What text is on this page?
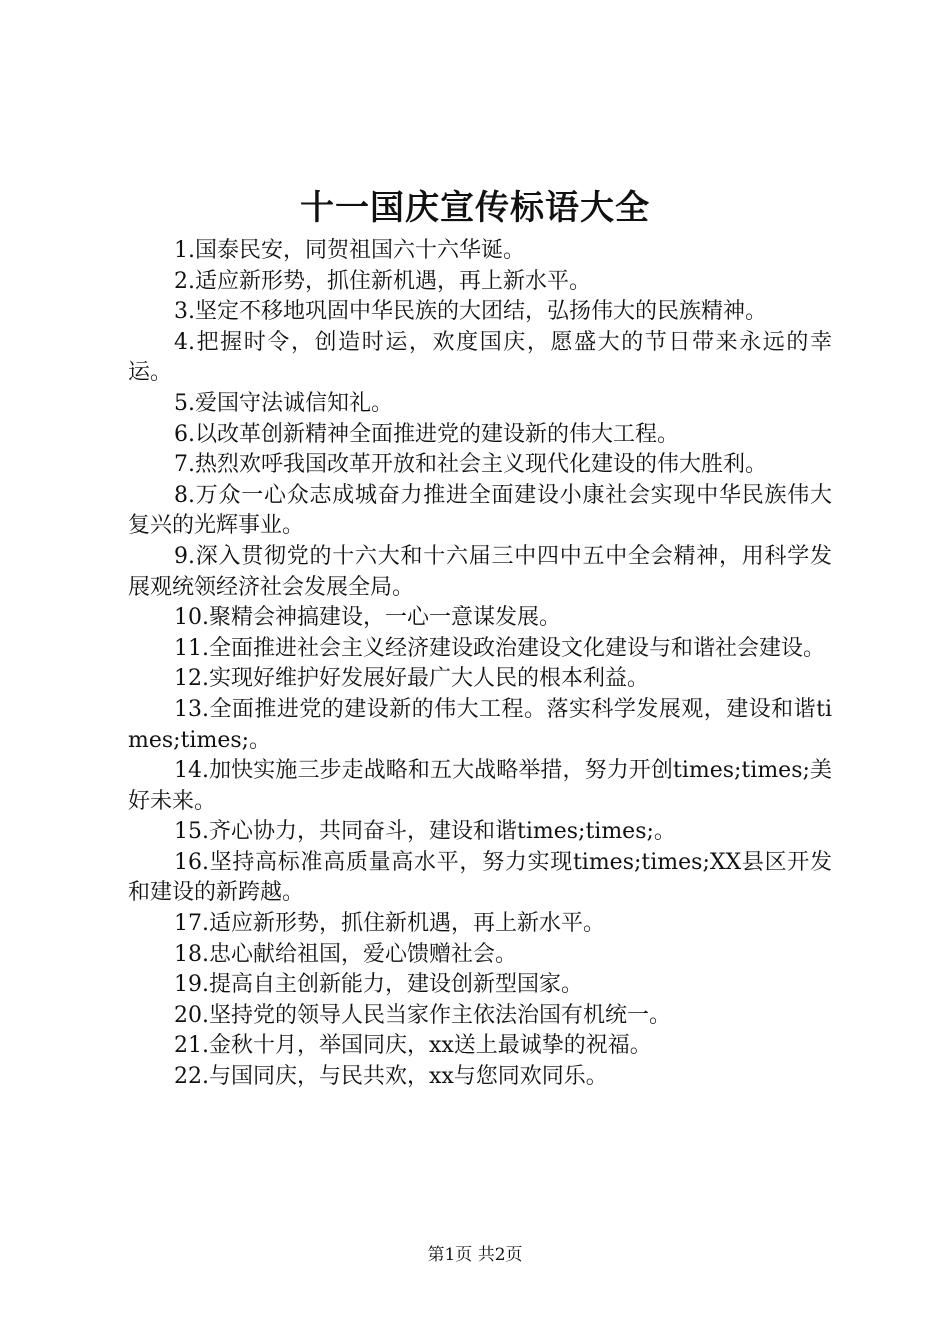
十一国庆宣传标语大全

1.国泰民安，同贺祖国六十六华诞。

2.适应新形势，抓住新机遇，再上新水平。

3.坚定不移地巩固中华民族的大团结，弘扬伟大的民族精神。

4.把握时令，创造时运，欢度国庆，愿盛大的节日带来永远的幸运。

5.爱国守法诚信知礼。

6.以改革创新精神全面推进党的建设新的伟大工程。

7.热烈欢呼我国改革开放和社会主义现代化建设的伟大胜利。

8.万众一心众志成城奋力推进全面建设小康社会实现中华民族伟大复兴的光辉事业。

9.深入贯彻党的十六大和十六届三中四中五中全会精神，用科学发展观统领经济社会发展全局。

10.聚精会神搞建设，一心一意谋发展。

11.全面推进社会主义经济建设政治建设文化建设与和谐社会建设。

12.实现好维护好发展好最广大人民的根本利益。

13.全面推进党的建设新的伟大工程。落实科学发展观，建设和谐times;times;。

14.加快实施三步走战略和五大战略举措，努力开创times;times;美好未来。

15.齐心协力，共同奋斗，建设和谐times;times;。

16.坚持高标准高质量高水平，努力实现times;times;XX县区开发和建设的新跨越。

17.适应新形势，抓住新机遇，再上新水平。

18.忠心献给祖国，爱心馈赠社会。

19.提高自主创新能力，建设创新型国家。

20.坚持党的领导人民当家作主依法治国有机统一。

21.金秋十月，举国同庆，xx送上最诚挚的祝福。

22.与国同庆，与民共欢，xx与您同欢同乐。

第1页 共2页
